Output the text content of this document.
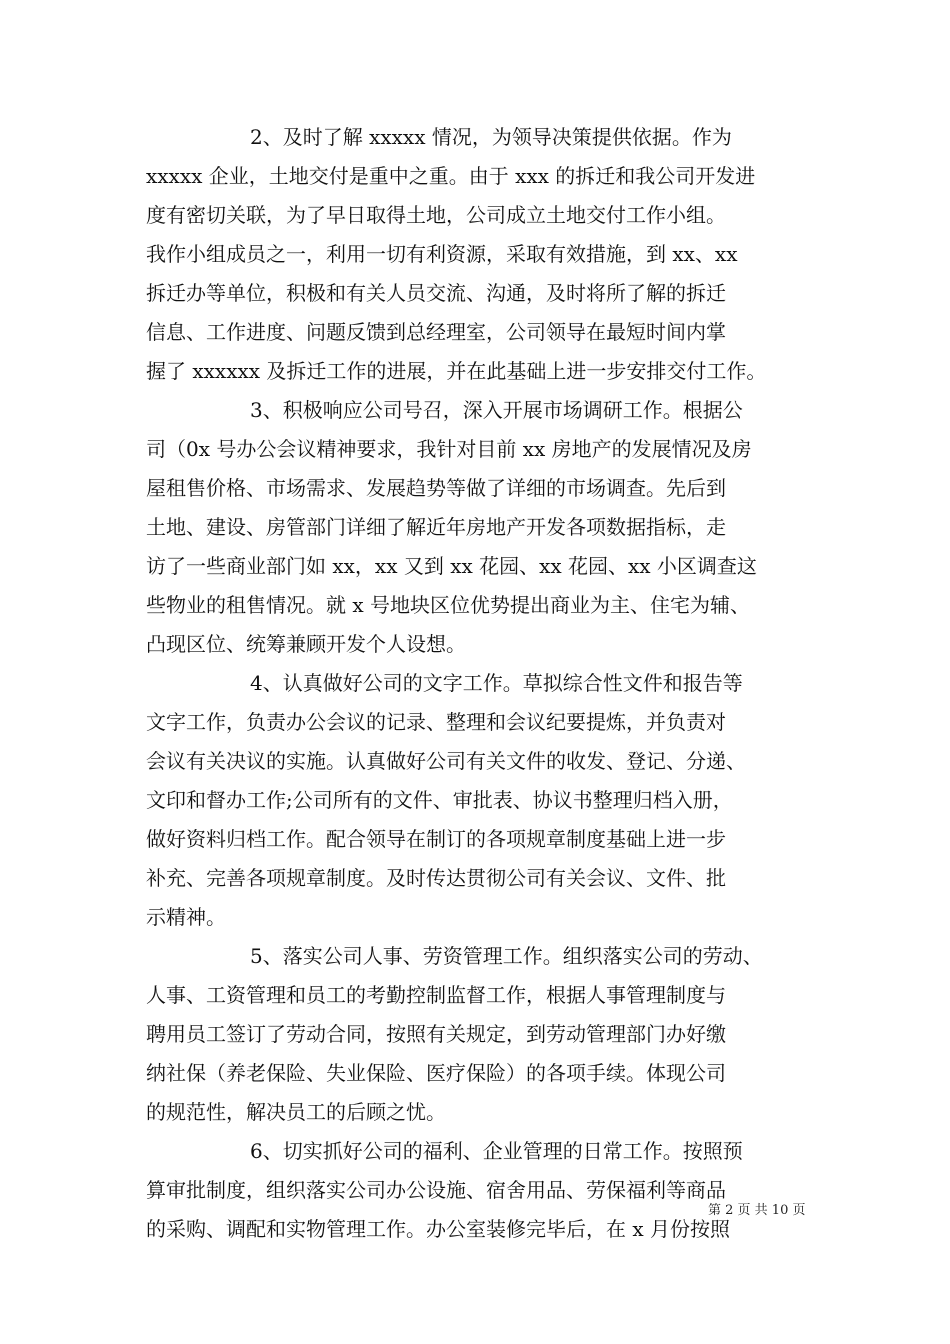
2、及时了解 xxxxx 情况，为领导决策提供依据。作为
xxxxx 企业，土地交付是重中之重。由于 xxx 的拆迁和我公司开发进
度有密切关联，为了早日取得土地，公司成立土地交付工作小组。
我作小组成员之一，利用一切有利资源，采取有效措施，到 xx、xx
拆迁办等单位，积极和有关人员交流、沟通，及时将所了解的拆迁
信息、工作进度、问题反馈到总经理室，公司领导在最短时间内掌
握了 xxxxxx 及拆迁工作的进展，并在此基础上进一步安排交付工作。
3、积极响应公司号召，深入开展市场调研工作。根据公
司（0x 号办公会议精神要求，我针对目前 xx 房地产的发展情况及房
屋租售价格、市场需求、发展趋势等做了详细的市场调查。先后到
土地、建设、房管部门详细了解近年房地产开发各项数据指标，走
访了一些商业部门如 xx，xx 又到 xx 花园、xx 花园、xx 小区调查这
些物业的租售情况。就 x 号地块区位优势提出商业为主、住宅为辅、
凸现区位、统筹兼顾开发个人设想。
4、认真做好公司的文字工作。草拟综合性文件和报告等
文字工作，负责办公会议的记录、整理和会议纪要提炼，并负责对
会议有关决议的实施。认真做好公司有关文件的收发、登记、分递、
文印和督办工作;公司所有的文件、审批表、协议书整理归档入册，
做好资料归档工作。配合领导在制订的各项规章制度基础上进一步
补充、完善各项规章制度。及时传达贯彻公司有关会议、文件、批
示精神。
5、落实公司人事、劳资管理工作。组织落实公司的劳动、
人事、工资管理和员工的考勤控制监督工作，根据人事管理制度与
聘用员工签订了劳动合同，按照有关规定，到劳动管理部门办好缴
纳社保（养老保险、失业保险、医疗保险）的各项手续。体现公司
的规范性，解决员工的后顾之忧。
6、切实抓好公司的福利、企业管理的日常工作。按照预
算审批制度，组织落实公司办公设施、宿舍用品、劳保福利等商品
的采购、调配和实物管理工作。办公室装修完毕后，在 x 月份按照
第 2 页 共 10 页
